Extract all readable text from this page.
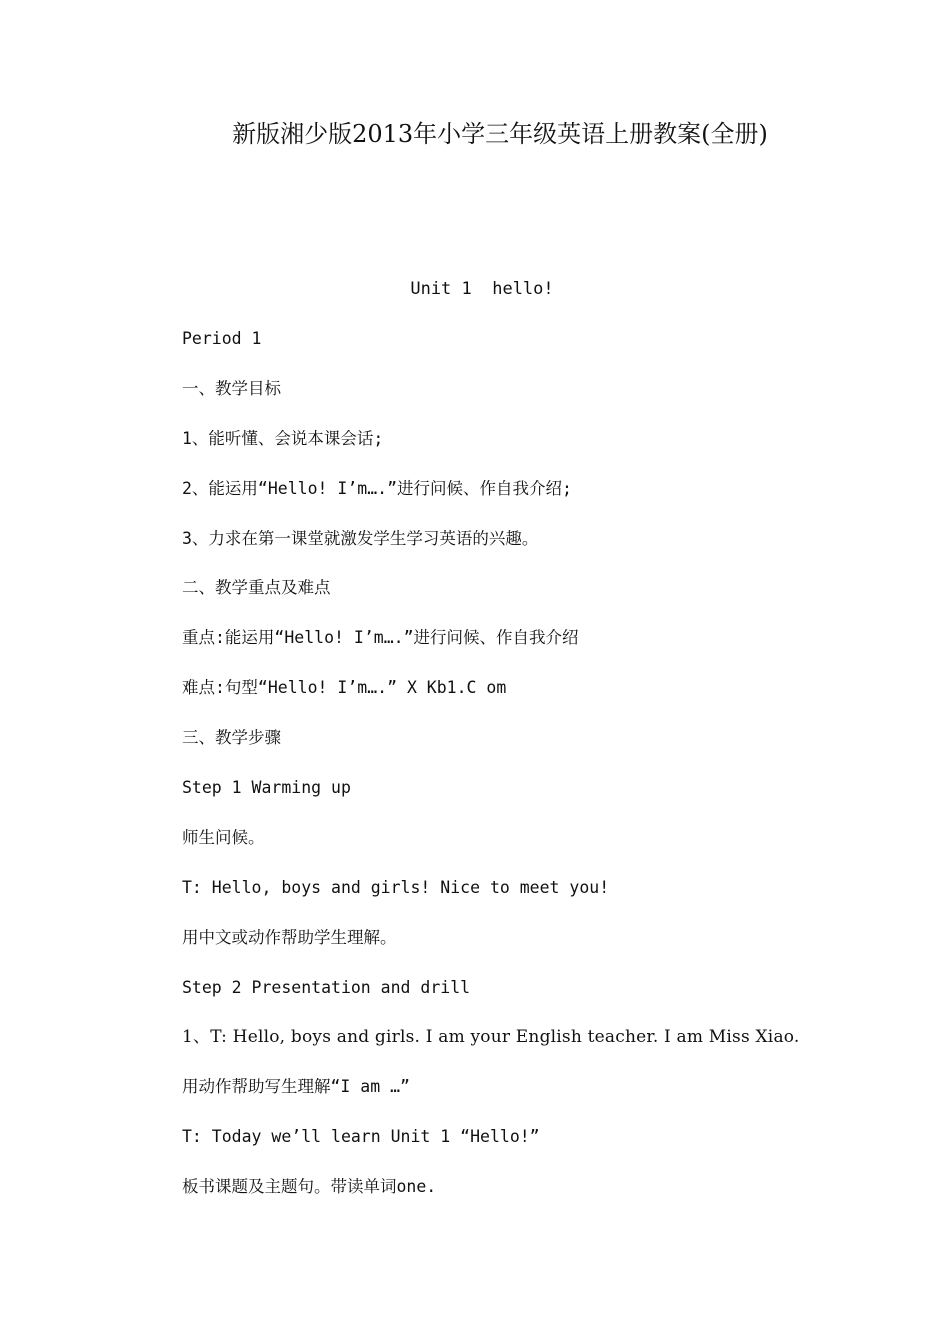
新版湘少版2013年小学三年级英语上册教案(全册)
Unit 1  hello!
Period 1
一、教学目标
1、能听懂、会说本课会话;
2、能运用“Hello! I’m….”进行问候、作自我介绍;
3、力求在第一课堂就激发学生学习英语的兴趣。
二、教学重点及难点
重点:能运用“Hello! I’m….”进行问候、作自我介绍
难点:句型“Hello! I’m….” X Kb1.C om
三、教学步骤
Step 1 Warming up
师生问候。
T: Hello, boys and girls! Nice to meet you!
用中文或动作帮助学生理解。
Step 2 Presentation and drill
1、T: Hello, boys and girls. I am your English teacher. I am Miss Xiao.
用动作帮助写生理解“I am …”
T: Today we’ll learn Unit 1 “Hello!”
板书课题及主题句。带读单词one.
